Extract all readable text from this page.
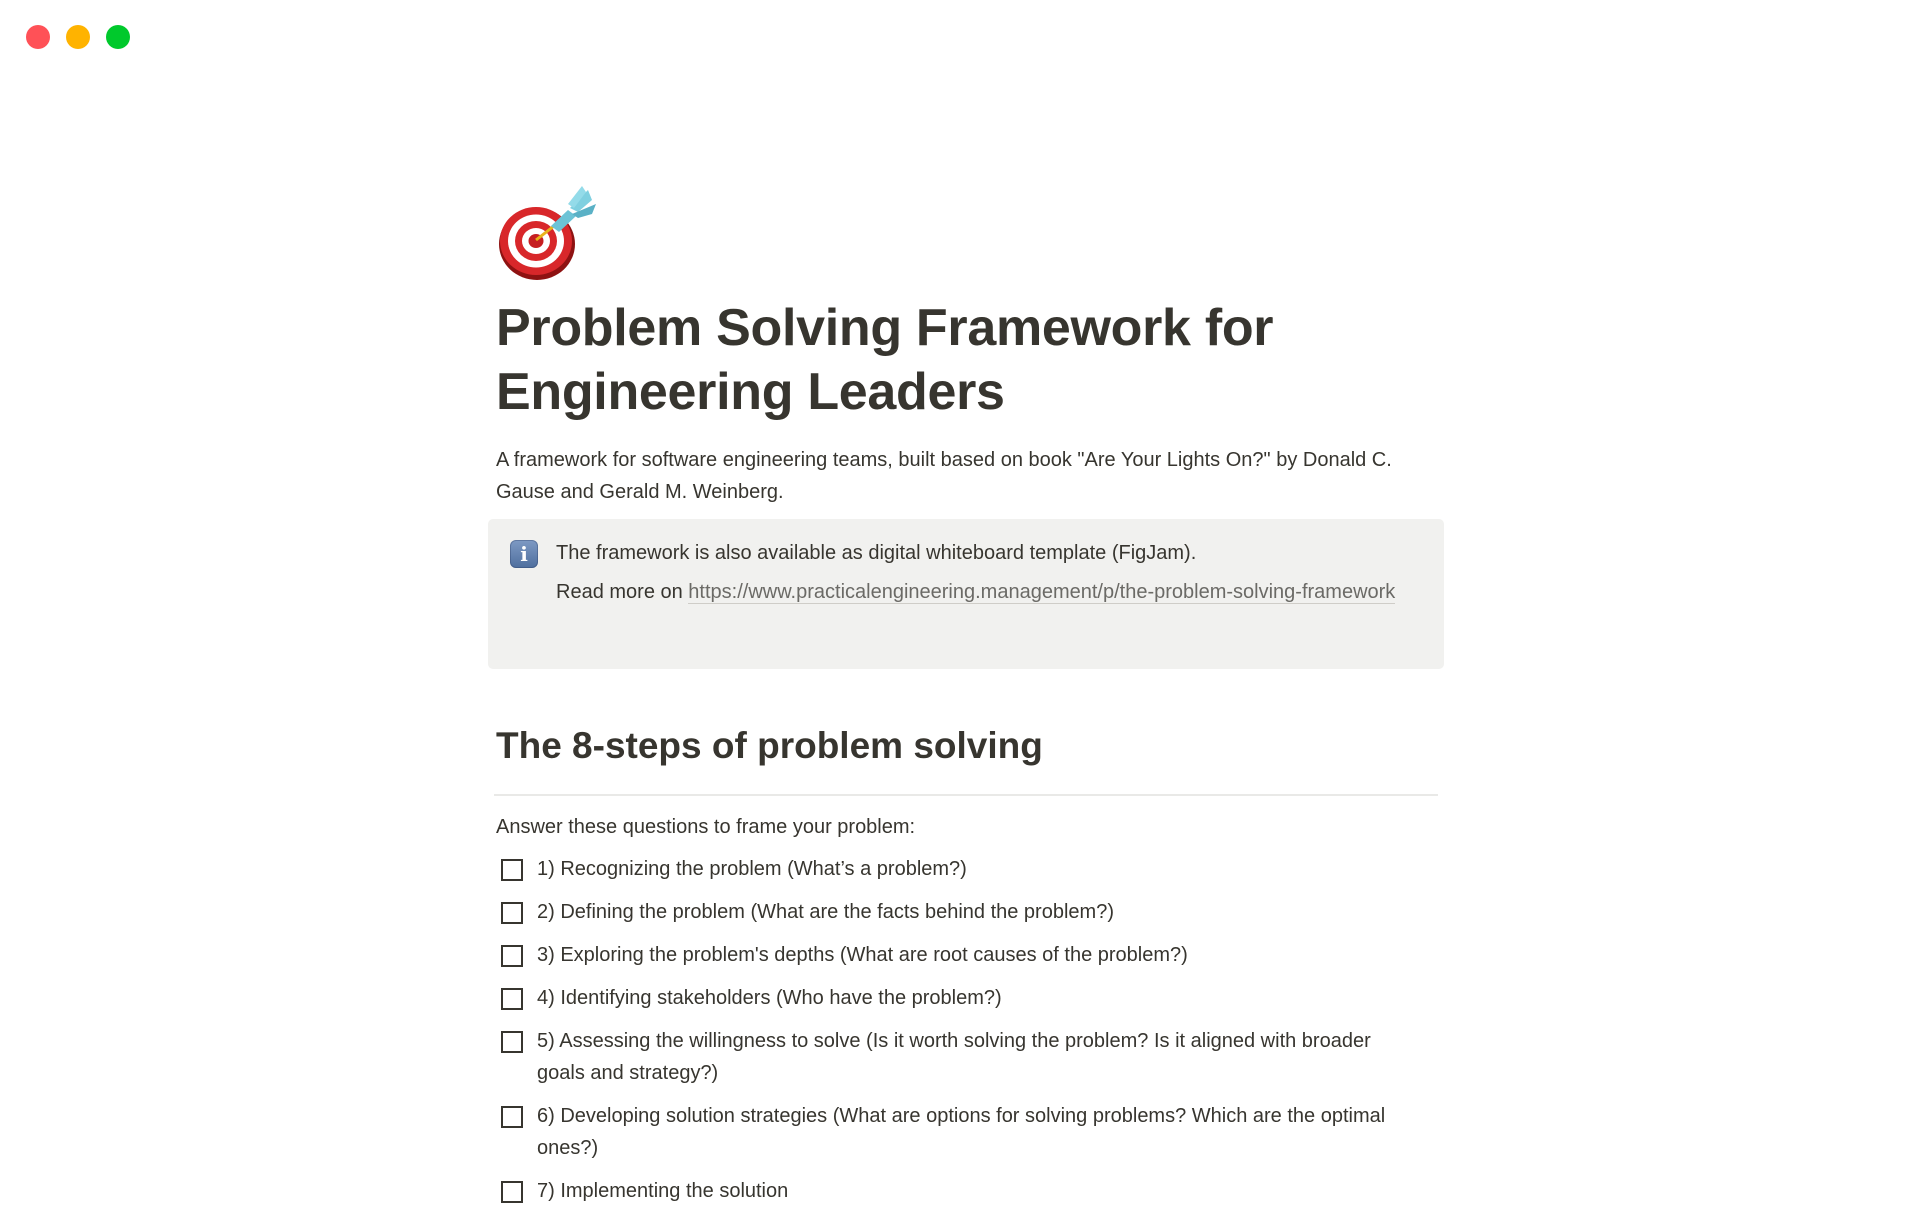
Problem Solving Framework for Engineering Leaders

A framework for software engineering teams, built based on book "Are Your Lights On?" by Donald C. Gause and Gerald M. Weinberg.

i	The framework is also available as digital whiteboard template (FigJam).

Read more on https://www.practicalengineering.management/p/the-problem-solving-framework

The 8-steps of problem solving

Answer these questions to frame your problem:

1) Recognizing the problem (What’s a problem?)
2) Defining the problem (What are the facts behind the problem?)
3) Exploring the problem's depths (What are root causes of the problem?)
4) Identifying stakeholders (Who have the problem?)
5) Assessing the willingness to solve (Is it worth solving the problem? Is it aligned with broader goals and strategy?)
6) Developing solution strategies (What are options for solving problems? Which are the optimal ones?)
7) Implementing the solution
